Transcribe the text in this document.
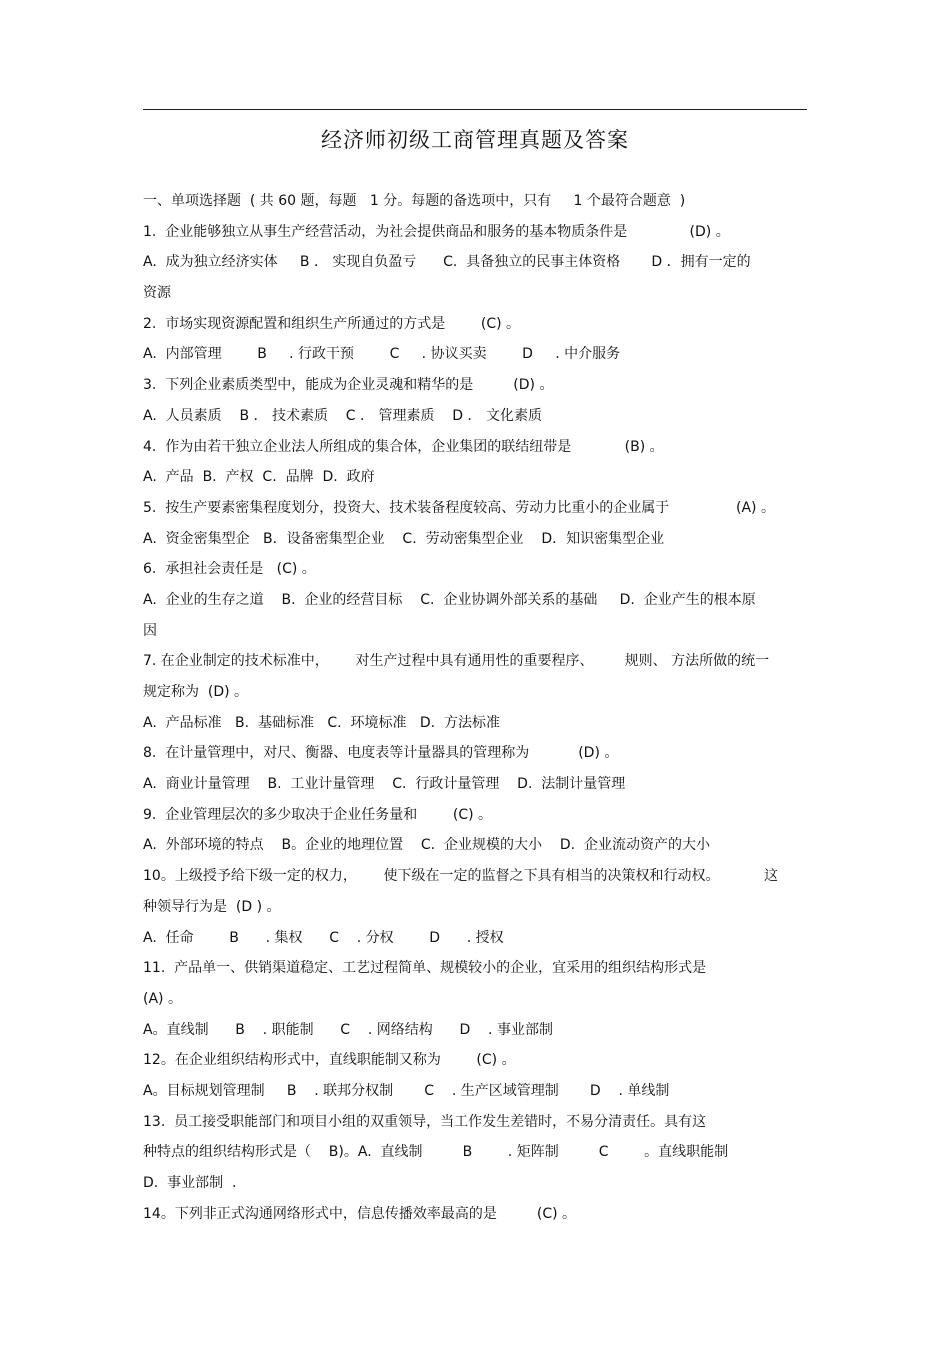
经济师初级工商管理真题及答案
一、单项选择题  ( 共 60 题，每题   1 分。每题的备选项中，只有     1 个最符合题意  )
1.  企业能够独立从事生产经营活动，为社会提供商品和服务的基本物质条件是              (D) 。
A.  成为独立经济实体     B ． 实现自负盈亏      C.  具备独立的民事主体资格       D ．拥有一定的
资源
2.  市场实现资源配置和组织生产所通过的方式是        (C) 。
A.  内部管理        B     . 行政干预        C     . 协议买卖        D     . 中介服务
3.  下列企业素质类型中，能成为企业灵魂和精华的是         (D) 。
A.  人员素质    B ． 技术素质    C ． 管理素质    D ． 文化素质
4.  作为由若干独立企业法人所组成的集合体，企业集团的联结纽带是            (B) 。
A.  产品  B.  产权  C.  品牌  D.  政府
5.  按生产要素密集程度划分，投资大、技术装备程度较高、劳动力比重小的企业属于               (A) 。
A.  资金密集型企   B．设备密集型企业    C.  劳动密集型企业    D．知识密集型企业
6.  承担社会责任是   (C) 。
A.  企业的生存之道    B.  企业的经营目标    C.  企业协调外部关系的基础     D.  企业产生的根本原
因
7. 在企业制定的技术标准中，      对生产过程中具有通用性的重要程序、       规则、 方法所做的统一
规定称为  (D) 。
A.  产品标准   B.  基础标准   C.  环境标准   D.  方法标准
8.  在计量管理中，对尺、衡器、电度表等计量器具的管理称为           (D) 。
A.  商业计量管理    B.  工业计量管理    C.  行政计量管理    D.  法制计量管理
9.  企业管理层次的多少取决于企业任务量和        (C) 。
A.  外部环境的特点    B。企业的地理位置    C.  企业规模的大小    D.  企业流动资产的大小
10。上级授予给下级一定的权力，      使下级在一定的监督之下具有相当的决策权和行动权。          这
种领导行为是  (D ) 。
A.  任命        B      . 集权      C    . 分权        D      . 授权
11.  产品单一、供销渠道稳定、工艺过程简单、规模较小的企业，宜采用的组织结构形式是
(A) 。
A。直线制      B    . 职能制      C    . 网络结构      D    . 事业部制
12。在企业组织结构形式中，直线职能制又称为        (C) 。
A。目标规划管理制     B    . 联邦分权制       C    . 生产区域管理制       D    . 单线制
13.  员工接受职能部门和项目小组的双重领导，当工作发生差错时，不易分清责任。具有这
种特点的组织结构形式是（    B)。A.  直线制         B        . 矩阵制         C        。直线职能制
D.  事业部制  .
14。下列非正式沟通网络形式中，信息传播效率最高的是         (C) 。
